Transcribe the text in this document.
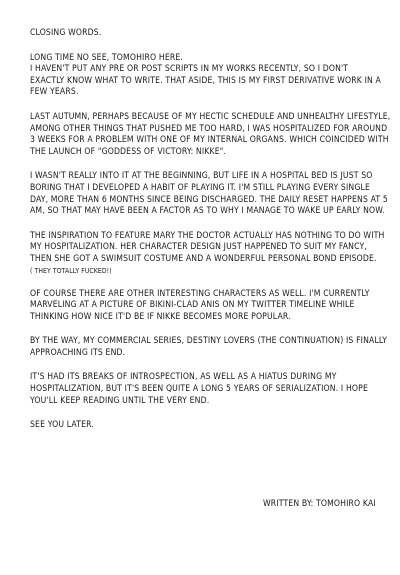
CLOSING WORDS.
LONG TIME NO SEE, TOMOHIRO HERE.
I HAVEN'T PUT ANY PRE OR POST SCRIPTS IN MY WORKS RECENTLY, SO I DON'T
EXACTLY KNOW WHAT TO WRITE. THAT ASIDE, THIS IS MY FIRST DERIVATIVE WORK IN A
FEW YEARS.
LAST AUTUMN, PERHAPS BECAUSE OF MY HECTIC SCHEDULE AND UNHEALTHY LIFESTYLE,
AMONG OTHER THINGS THAT PUSHED ME TOO HARD, I WAS HOSPITALIZED FOR AROUND
3 WEEKS FOR A PROBLEM WITH ONE OF MY INTERNAL ORGANS. WHICH COINCIDED WITH
THE LAUNCH OF "GODDESS OF VICTORY: NIKKE".
I WASN'T REALLY INTO IT AT THE BEGINNING, BUT LIFE IN A HOSPITAL BED IS JUST SO
BORING THAT I DEVELOPED A HABIT OF PLAYING IT. I'M STILL PLAYING EVERY SINGLE
DAY, MORE THAN 6 MONTHS SINCE BEING DISCHARGED. THE DAILY RESET HAPPENS AT 5
AM, SO THAT MAY HAVE BEEN A FACTOR AS TO WHY I MANAGE TO WAKE UP EARLY NOW.
THE INSPIRATION TO FEATURE MARY THE DOCTOR ACTUALLY HAS NOTHING TO DO WITH
MY HOSPITALIZATION. HER CHARACTER DESIGN JUST HAPPENED TO SUIT MY FANCY,
THEN SHE GOT A SWIMSUIT COSTUME AND A WONDERFUL PERSONAL BOND EPISODE.
( THEY TOTALLY FUCKED!)
OF COURSE THERE ARE OTHER INTERESTING CHARACTERS AS WELL. I'M CURRENTLY
MARVELING AT A PICTURE OF BIKINI-CLAD ANIS ON MY TWITTER TIMELINE WHILE
THINKING HOW NICE IT'D BE IF NIKKE BECOMES MORE POPULAR.
BY THE WAY, MY COMMERCIAL SERIES, DESTINY LOVERS (THE CONTINUATION) IS FINALLY
APPROACHING ITS END.
IT'S HAD ITS BREAKS OF INTROSPECTION, AS WELL AS A HIATUS DURING MY
HOSPITALIZATION, BUT IT'S BEEN QUITE A LONG 5 YEARS OF SERIALIZATION. I HOPE
YOU'LL KEEP READING UNTIL THE VERY END.
SEE YOU LATER.
WRITTEN BY: TOMOHIRO KAI
